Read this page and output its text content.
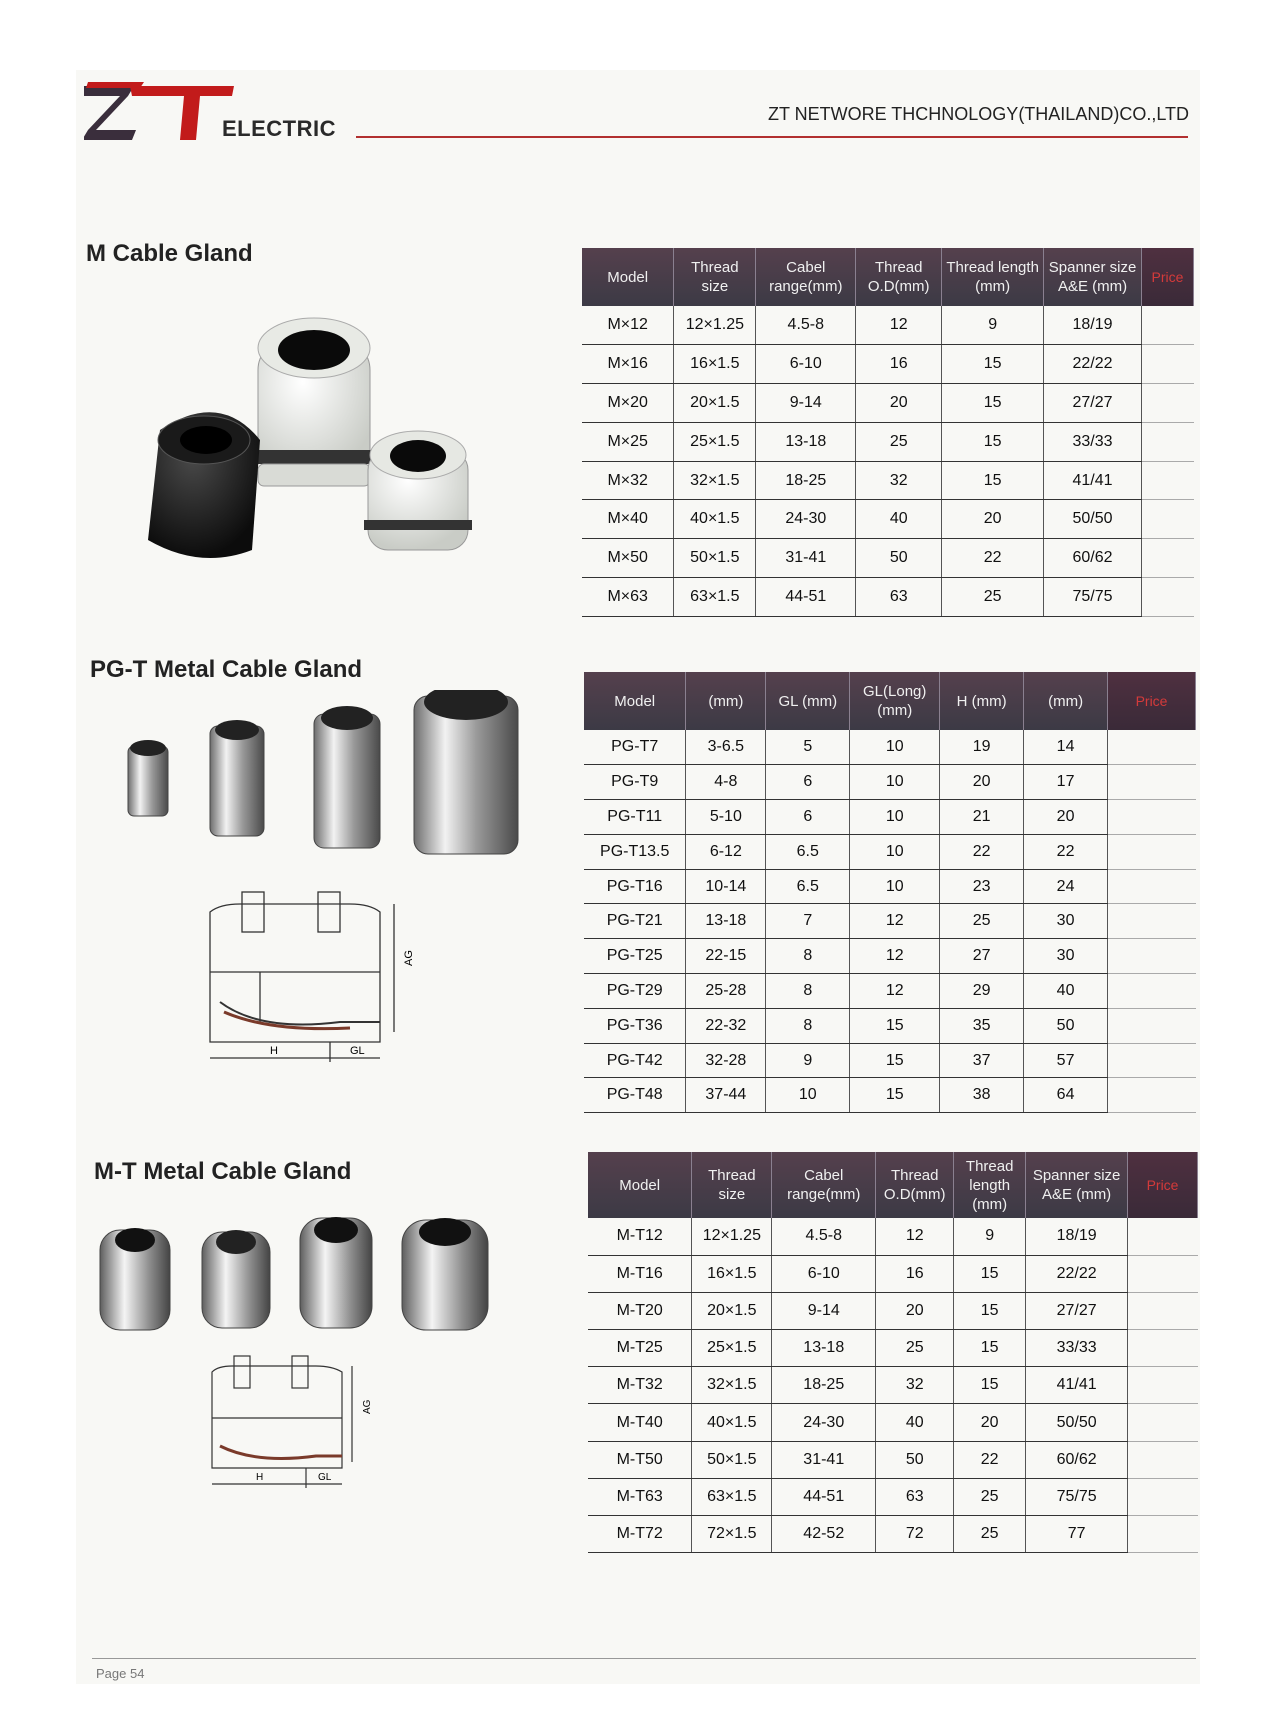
ELECTRIC
ZT NETWORE THCHNOLOGY(THAILAND)CO.,LTD
M Cable Gland
PG-T Metal Cable Gland
M-T Metal Cable Gland
AG
H	GL
AG
H	GL
Model	Thread size	Cabel range(mm)	Thread O.D(mm)	Thread length (mm)	Spanner size A&E (mm)	Price
M×12	12×1.25	4.5-8	12	9	18/19	
M×16	16×1.5	6-10	16	15	22/22	
M×20	20×1.5	9-14	20	15	27/27	
M×25	25×1.5	13-18	25	15	33/33	
M×32	32×1.5	18-25	32	15	41/41	
M×40	40×1.5	24-30	40	20	50/50	
M×50	50×1.5	31-41	50	22	60/62	
M×63	63×1.5	44-51	63	25	75/75	
Model	(mm)	GL (mm)	GL(Long) (mm)	H (mm)	(mm)	Price
PG-T7	3-6.5	5	10	19	14	
PG-T9	4-8	6	10	20	17	
PG-T11	5-10	6	10	21	20	
PG-T13.5	6-12	6.5	10	22	22	
PG-T16	10-14	6.5	10	23	24	
PG-T21	13-18	7	12	25	30	
PG-T25	22-15	8	12	27	30	
PG-T29	25-28	8	12	29	40	
PG-T36	22-32	8	15	35	50	
PG-T42	32-28	9	15	37	57	
PG-T48	37-44	10	15	38	64	
Model	Thread size	Cabel range(mm)	Thread O.D(mm)	Thread length (mm)	Spanner size A&E (mm)	Price
M-T12	12×1.25	4.5-8	12	9	18/19	
M-T16	16×1.5	6-10	16	15	22/22	
M-T20	20×1.5	9-14	20	15	27/27	
M-T25	25×1.5	13-18	25	15	33/33	
M-T32	32×1.5	18-25	32	15	41/41	
M-T40	40×1.5	24-30	40	20	50/50	
M-T50	50×1.5	31-41	50	22	60/62	
M-T63	63×1.5	44-51	63	25	75/75	
M-T72	72×1.5	42-52	72	25	77	
Page 54
